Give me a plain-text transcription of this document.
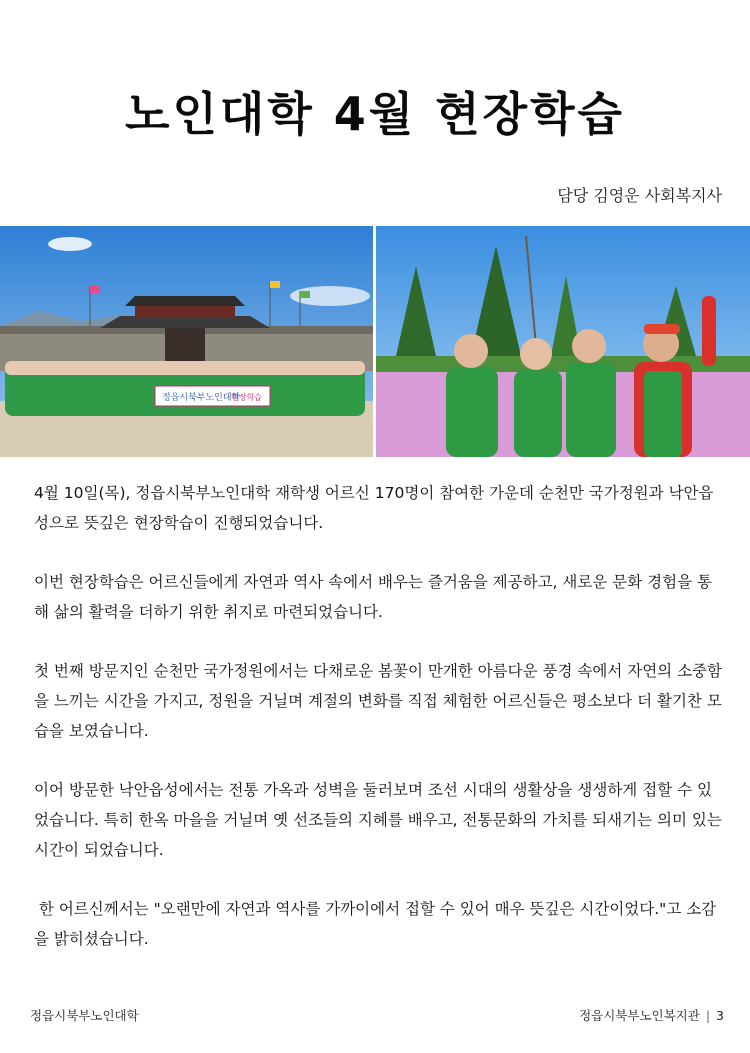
노인대학 4월 현장학습
담당 김영운 사회복지사
정읍시북부노인대학
현장학습

4월 10일(목), 정읍시북부노인대학 재학생 어르신 170명이 참여한 가운데 순천만 국가정원과 낙안읍성으로 뜻깊은 현장학습이 진행되었습니다.

이번 현장학습은 어르신들에게 자연과 역사 속에서 배우는 즐거움을 제공하고, 새로운 문화 경험을 통해 삶의 활력을 더하기 위한 취지로 마련되었습니다.

첫 번째 방문지인 순천만 국가정원에서는 다채로운 봄꽃이 만개한 아름다운 풍경 속에서 자연의 소중함을 느끼는 시간을 가지고, 정원을 거닐며 계절의 변화를 직접 체험한 어르신들은 평소보다 더 활기찬 모습을 보였습니다.

이어 방문한 낙안읍성에서는 전통 가옥과 성벽을 둘러보며 조선 시대의 생활상을 생생하게 접할 수 있었습니다. 특히 한옥 마을을 거닐며 옛 선조들의 지혜를 배우고, 전통문화의 가치를 되새기는 의미 있는 시간이 되었습니다.

한 어르신께서는 "오랜만에 자연과 역사를 가까이에서 접할 수 있어 매우 뜻깊은 시간이었다."고 소감을 밝히셨습니다.

정읍시북부노인대학	정읍시북부노인복지관 | 3
